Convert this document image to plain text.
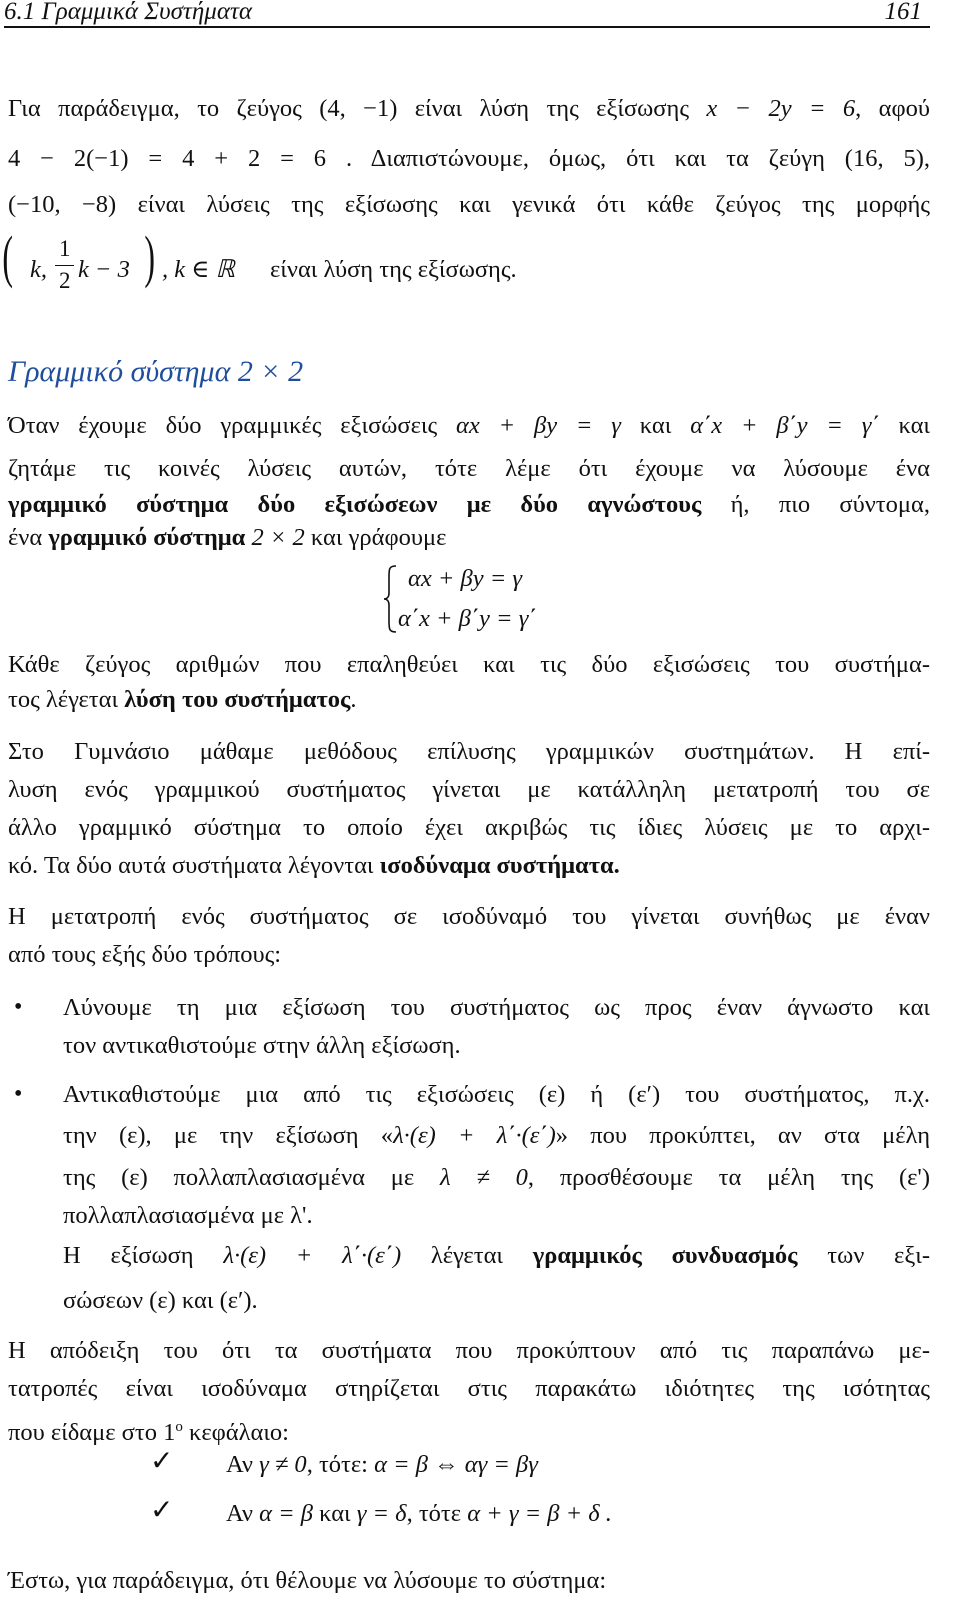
6.1 Γραμμικά Συστήματα	161
Για παράδειγμα, το ζεύγος (4, −1) είναι λύση της εξίσωσης x − 2y = 6, αφού
4 − 2(−1) = 4 + 2 = 6 . Διαπιστώνουμε, όμως, ότι και τα ζεύγη (16, 5),
(−10, −8) είναι λύσεις της εξίσωσης και γενικά ότι κάθε ζεύγος της μορφής
( k,
1
2 k − 3 ) , k ∈ ℝ είναι λύση της εξίσωσης.
Γραμμικό σύστημα 2 × 2
Όταν έχουμε δύο γραμμικές εξισώσεις αx + βy = γ και α΄x + β΄y = γ΄ και
ζητάμε τις κοινές λύσεις αυτών, τότε λέμε ότι έχουμε να λύσουμε ένα
γραμμικό σύστημα δύο εξισώσεων με δύο αγνώστους ή, πιο σύντομα,
ένα γραμμικό σύστημα 2 × 2 και γράφουμε
αx + βy = γ
α΄x + β΄y = γ΄
Κάθε ζεύγος αριθμών που επαληθεύει και τις δύο εξισώσεις του συστήμα-
τος λέγεται λύση του συστήματος.
Στο Γυμνάσιο μάθαμε μεθόδους επίλυσης γραμμικών συστημάτων. Η επί-
λυση ενός γραμμικού συστήματος γίνεται με κατάλληλη μετατροπή του σε
άλλο γραμμικό σύστημα το οποίο έχει ακριβώς τις ίδιες λύσεις με το αρχι-
κό. Τα δύο αυτά συστήματα λέγονται ισοδύναμα συστήματα.
Η μετατροπή ενός συστήματος σε ισοδύναμό του γίνεται συνήθως με έναν
από τους εξής δύο τρόπους:
• Λύνουμε τη μια εξίσωση του συστήματος ως προς έναν άγνωστο και
τον αντικαθιστούμε στην άλλη εξίσωση.
• Αντικαθιστούμε μια από τις εξισώσεις (ε) ή (ε′) του συστήματος, π.χ.
την (ε), με την εξίσωση «λ·(ε) + λ΄·(ε΄)» που προκύπτει, αν στα μέλη
της (ε) πολλαπλασιασμένα με λ ≠ 0, προσθέσουμε τα μέλη της (ε')
πολλαπλασιασμένα με λ'.
Η εξίσωση λ·(ε) + λ΄·(ε΄) λέγεται γραμμικός συνδυασμός των εξι-
σώσεων (ε) και (ε′).
Η απόδειξη του ότι τα συστήματα που προκύπτουν από τις παραπάνω με-
τατροπές είναι ισοδύναμα στηρίζεται στις παρακάτω ιδιότητες της ισότητας
που είδαμε στο $1^o$ κεφάλαιο:
✓ Αν γ ≠ 0, τότε: α = β ⇔ αγ = βγ
✓ Αν α = β και γ = δ, τότε α + γ = β + δ .
Έστω, για παράδειγμα, ότι θέλουμε να λύσουμε το σύστημα:
